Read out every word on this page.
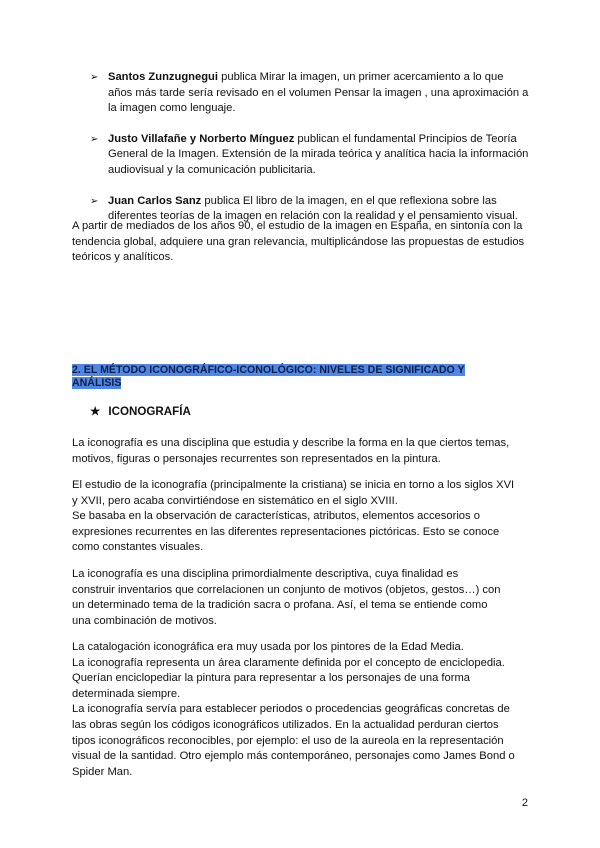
➢ Santos Zunzugnegui publica Mirar la imagen, un primer acercamiento a lo que años más tarde sería revisado en el volumen Pensar la imagen , una aproximación a la imagen como lenguaje.
➢ Justo Villafañe y Norberto Mínguez publican el fundamental Principios de Teoría General de la Imagen. Extensión de la mirada teórica y analítica hacia la información audiovisual y la comunicación publicitaria.
➢ Juan Carlos Sanz publica El libro de la imagen, en el que reflexiona sobre las diferentes teorías de la imagen en relación con la realidad y el pensamiento visual.
A partir de mediados de los años 90, el estudio de la imagen en España, en sintonía con la tendencia global, adquiere una gran relevancia, multiplicándose las propuestas de estudios teóricos y analíticos.
2. EL MÉTODO ICONOGRÁFICO-ICONOLÓGICO: NIVELES DE SIGNIFICADO Y ANÁLISIS
★ ICONOGRAFÍA
La iconografía es una disciplina que estudia y describe la forma en la que ciertos temas,
motivos, figuras o personajes recurrentes son representados en la pintura.
El estudio de la iconografía (principalmente la cristiana) se inicia en torno a los siglos XVI
y XVII, pero acaba convirtiéndose en sistemático en el siglo XVIII.
Se basaba en la observación de características, atributos, elementos accesorios o
expresiones recurrentes en las diferentes representaciones pictóricas. Esto se conoce
como constantes visuales.
La iconografía es una disciplina primordialmente descriptiva, cuya finalidad es
construir inventarios que correlacionen un conjunto de motivos (objetos, gestos…) con
un determinado tema de la tradición sacra o profana. Así, el tema se entiende como
una combinación de motivos.
La catalogación iconográfica era muy usada por los pintores de la Edad Media.
La iconografía representa un área claramente definida por el concepto de enciclopedia.
Querían enciclopediar la pintura para representar a los personajes de una forma
determinada siempre.
La iconografía servía para establecer periodos o procedencias geográficas concretas de
las obras según los códigos iconográficos utilizados. En la actualidad perduran ciertos
tipos iconográficos reconocibles, por ejemplo: el uso de la aureola en la representación
visual de la santidad. Otro ejemplo más contemporáneo, personajes como James Bond o
Spider Man.
2
